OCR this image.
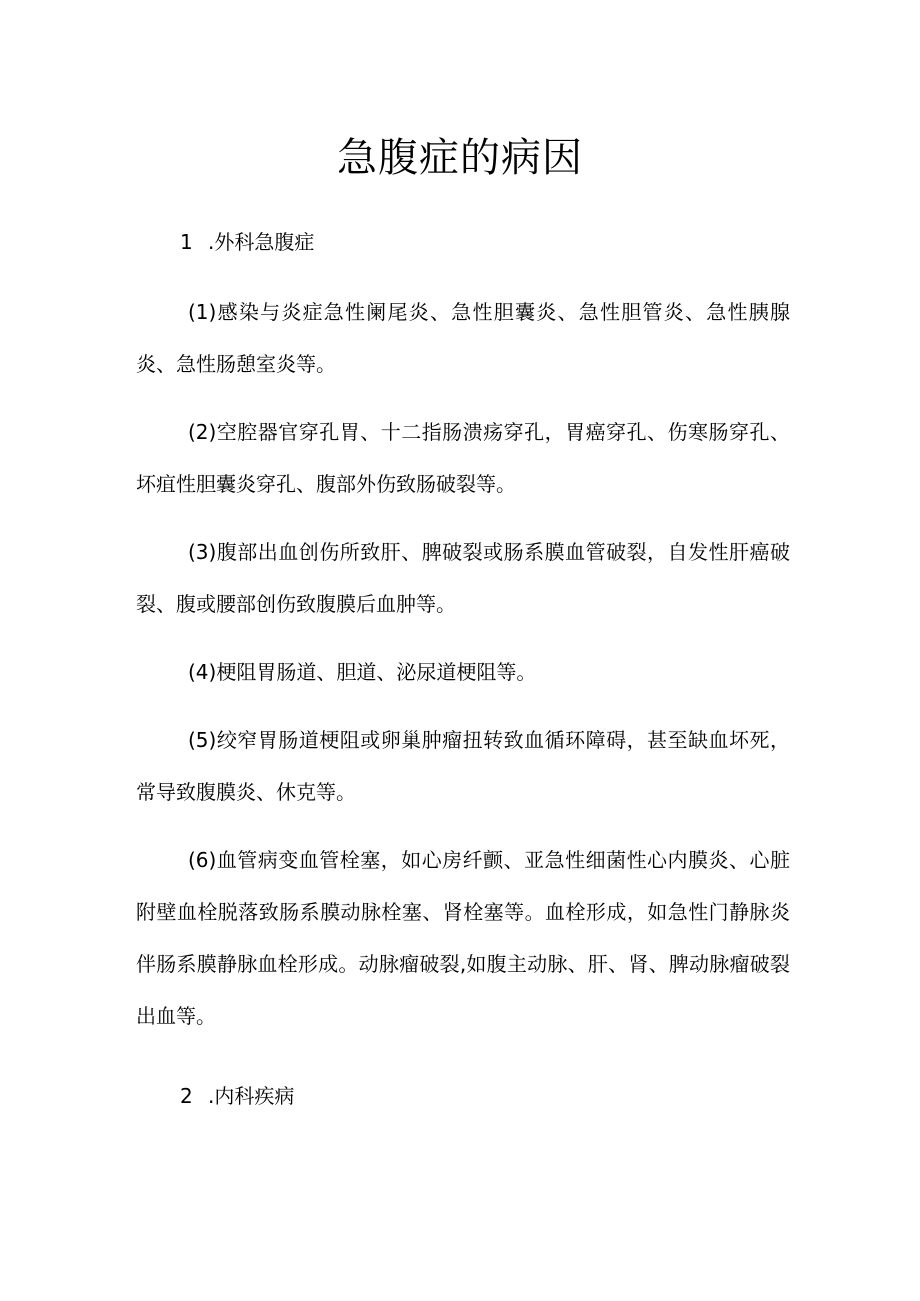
急腹症的病因

1 .外科急腹症

(1)感染与炎症急性阑尾炎、急性胆囊炎、急性胆管炎、急性胰腺炎、急性肠憩室炎等。

(2)空腔器官穿孔胃、十二指肠溃疡穿孔，胃癌穿孔、伤寒肠穿孔、坏疽性胆囊炎穿孔、腹部外伤致肠破裂等。

(3)腹部出血创伤所致肝、脾破裂或肠系膜血管破裂，自发性肝癌破裂、腹或腰部创伤致腹膜后血肿等。

(4)梗阻胃肠道、胆道、泌尿道梗阻等。

(5)绞窄胃肠道梗阻或卵巢肿瘤扭转致血循环障碍，甚至缺血坏死，常导致腹膜炎、休克等。

(6)血管病变血管栓塞，如心房纤颤、亚急性细菌性心内膜炎、心脏附壁血栓脱落致肠系膜动脉栓塞、肾栓塞等。血栓形成，如急性门静脉炎伴肠系膜静脉血栓形成。动脉瘤破裂,如腹主动脉、肝、肾、脾动脉瘤破裂出血等。

2 .内科疾病
